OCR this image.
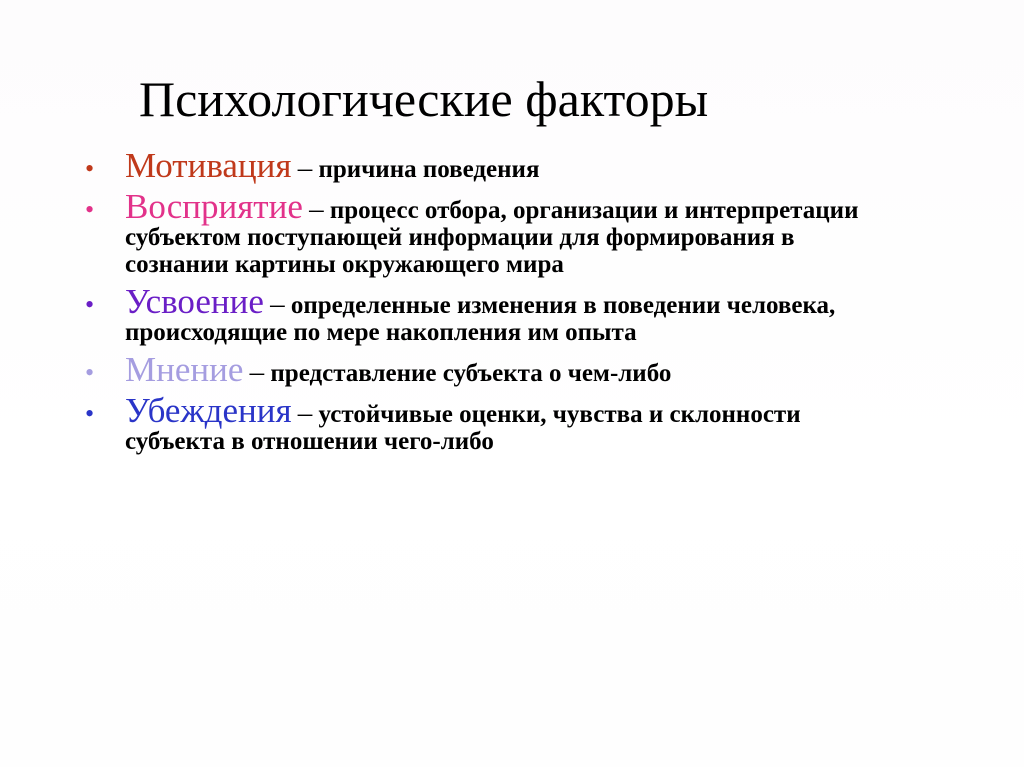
Психологические факторы
• Мотивация – причина поведения
• Восприятие – процесс отбора, организации и интерпретации субъектом поступающей информации для формирования в сознании картины окружающего мира
• Усвоение – определенные изменения в поведении человека, происходящие по мере накопления им опыта
• Мнение – представление субъекта о чем-либо
• Убеждения – устойчивые оценки, чувства и склонности субъекта в отношении чего-либо
